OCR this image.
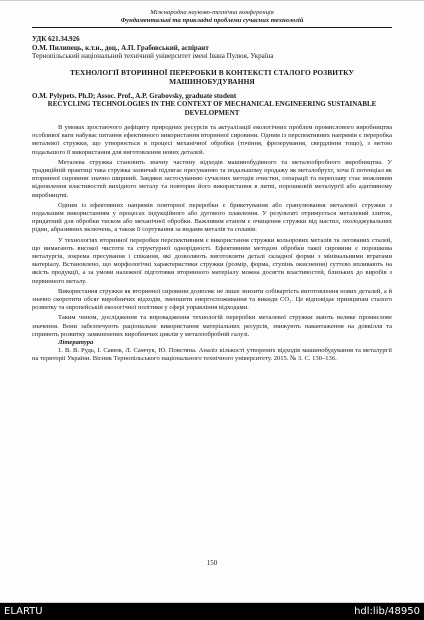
Міжнародна науково-технічна конференція
Фундаментальні та прикладні проблеми сучасних технологій
УДК 621.34.926
О.М. Пилипець, к.т.н., доц., А.П. Грабовський, аспірант
Тернопільський національний технічний університет імені Івана Пулюя, Україна
ТЕХНОЛОГІЇ ВТОРИННОЇ ПЕРЕРОБКИ В КОНТЕКСТІ СТАЛОГО РОЗВИТКУ МАШИНОБУДУВАННЯ
O.M. Pylypets. Ph.D; Assoc. Prof., A.P. Grabovsky, graduate student
RECYCLING TECHNOLOGIES IN THE CONTEXT OF MECHANICAL ENGINEERING SUSTAINABLE DEVELOPMENT

В умовах зростаючого дефіциту природних ресурсів та актуалізації екологічних проблем промислового виробництва особливої ваги набуває питання ефективного використання вторинної сировини. Одним із перспективних напрямів є переробка металевої стружки, що утворюється в процесі механічної обробки (точіння, фрезерування, свердління тощо), з метою подальшого її використання для виготовлення нових деталей.

Металева стружка становить значну частину відходів машинобудівного та металообробного виробництва. У традиційній практиці така стружка зазвичай підлягає пресуванню та подальшому продажу як металобрухт, хоча її потенціал як вторинної сировини значно ширший. Завдяки застосуванню сучасних методів очистки, сепарації та переплаву стає можливим відновлення властивостей вихідного металу та повторне його використання в литві, порошковій металургії або адитивному виробництві.

Одним із ефективних напрямів повторної переробки є брикетування або гранулювання металевої стружки з подальшим використанням у процесах індукційного або дугового плавлення. У результаті отримується металевий злиток, придатний для обробки тиском або механічної обробки. Важливим етапом є очищення стружки від мастил, охолоджувальних рідин, абразивних включень, а також її сортування за видами металів та сплавів.

У технологіях вторинної переробки перспективним є використання стружки кольорових металів та легованих сталей, що вимагають високої чистоти та структурної однорідності. Ефективним методом обробки такої сировини є порошкова металургія, зокрема пресування і спікання, які дозволяють виготовляти деталі складної форми з мінімальними втратами матеріалу. Встановлено, що морфологічні характеристики стружки (розмір, форма, ступінь окиснення) суттєво впливають на якість продукції, а за умови належної підготовки вторинного матеріалу можна досягти властивостей, близьких до виробів з первинного металу.

Використання стружки як вторинної сировини дозволяє не лише знизити собівартість виготовлення нових деталей, а й значно скоротити обсяг виробничих відходів, зменшити енергоспоживання та викиди CO₂. Це відповідає принципам сталого розвитку та європейській екологічної політики у сфері управління відходами.

Таким чином, дослідження та впровадження технологій переробки металевої стружки мають велике промислове значення. Вони забезпечують раціональне використання матеріальних ресурсів, знижують навантаження на довкілля та сприяють розвитку замкненених виробничих циклів у металообробній галузі.

Література

1. В. В. Рудь, І. Савюк, Л. Самчук, Ю. Повстяна. Аналіз кількості утворених відходів машинобудування та металургії на території України. Вісник Тернопільського національного технічного університету. 2015. № 3. С. 130–136.

150
ELARTU	hdl:lib/48950
